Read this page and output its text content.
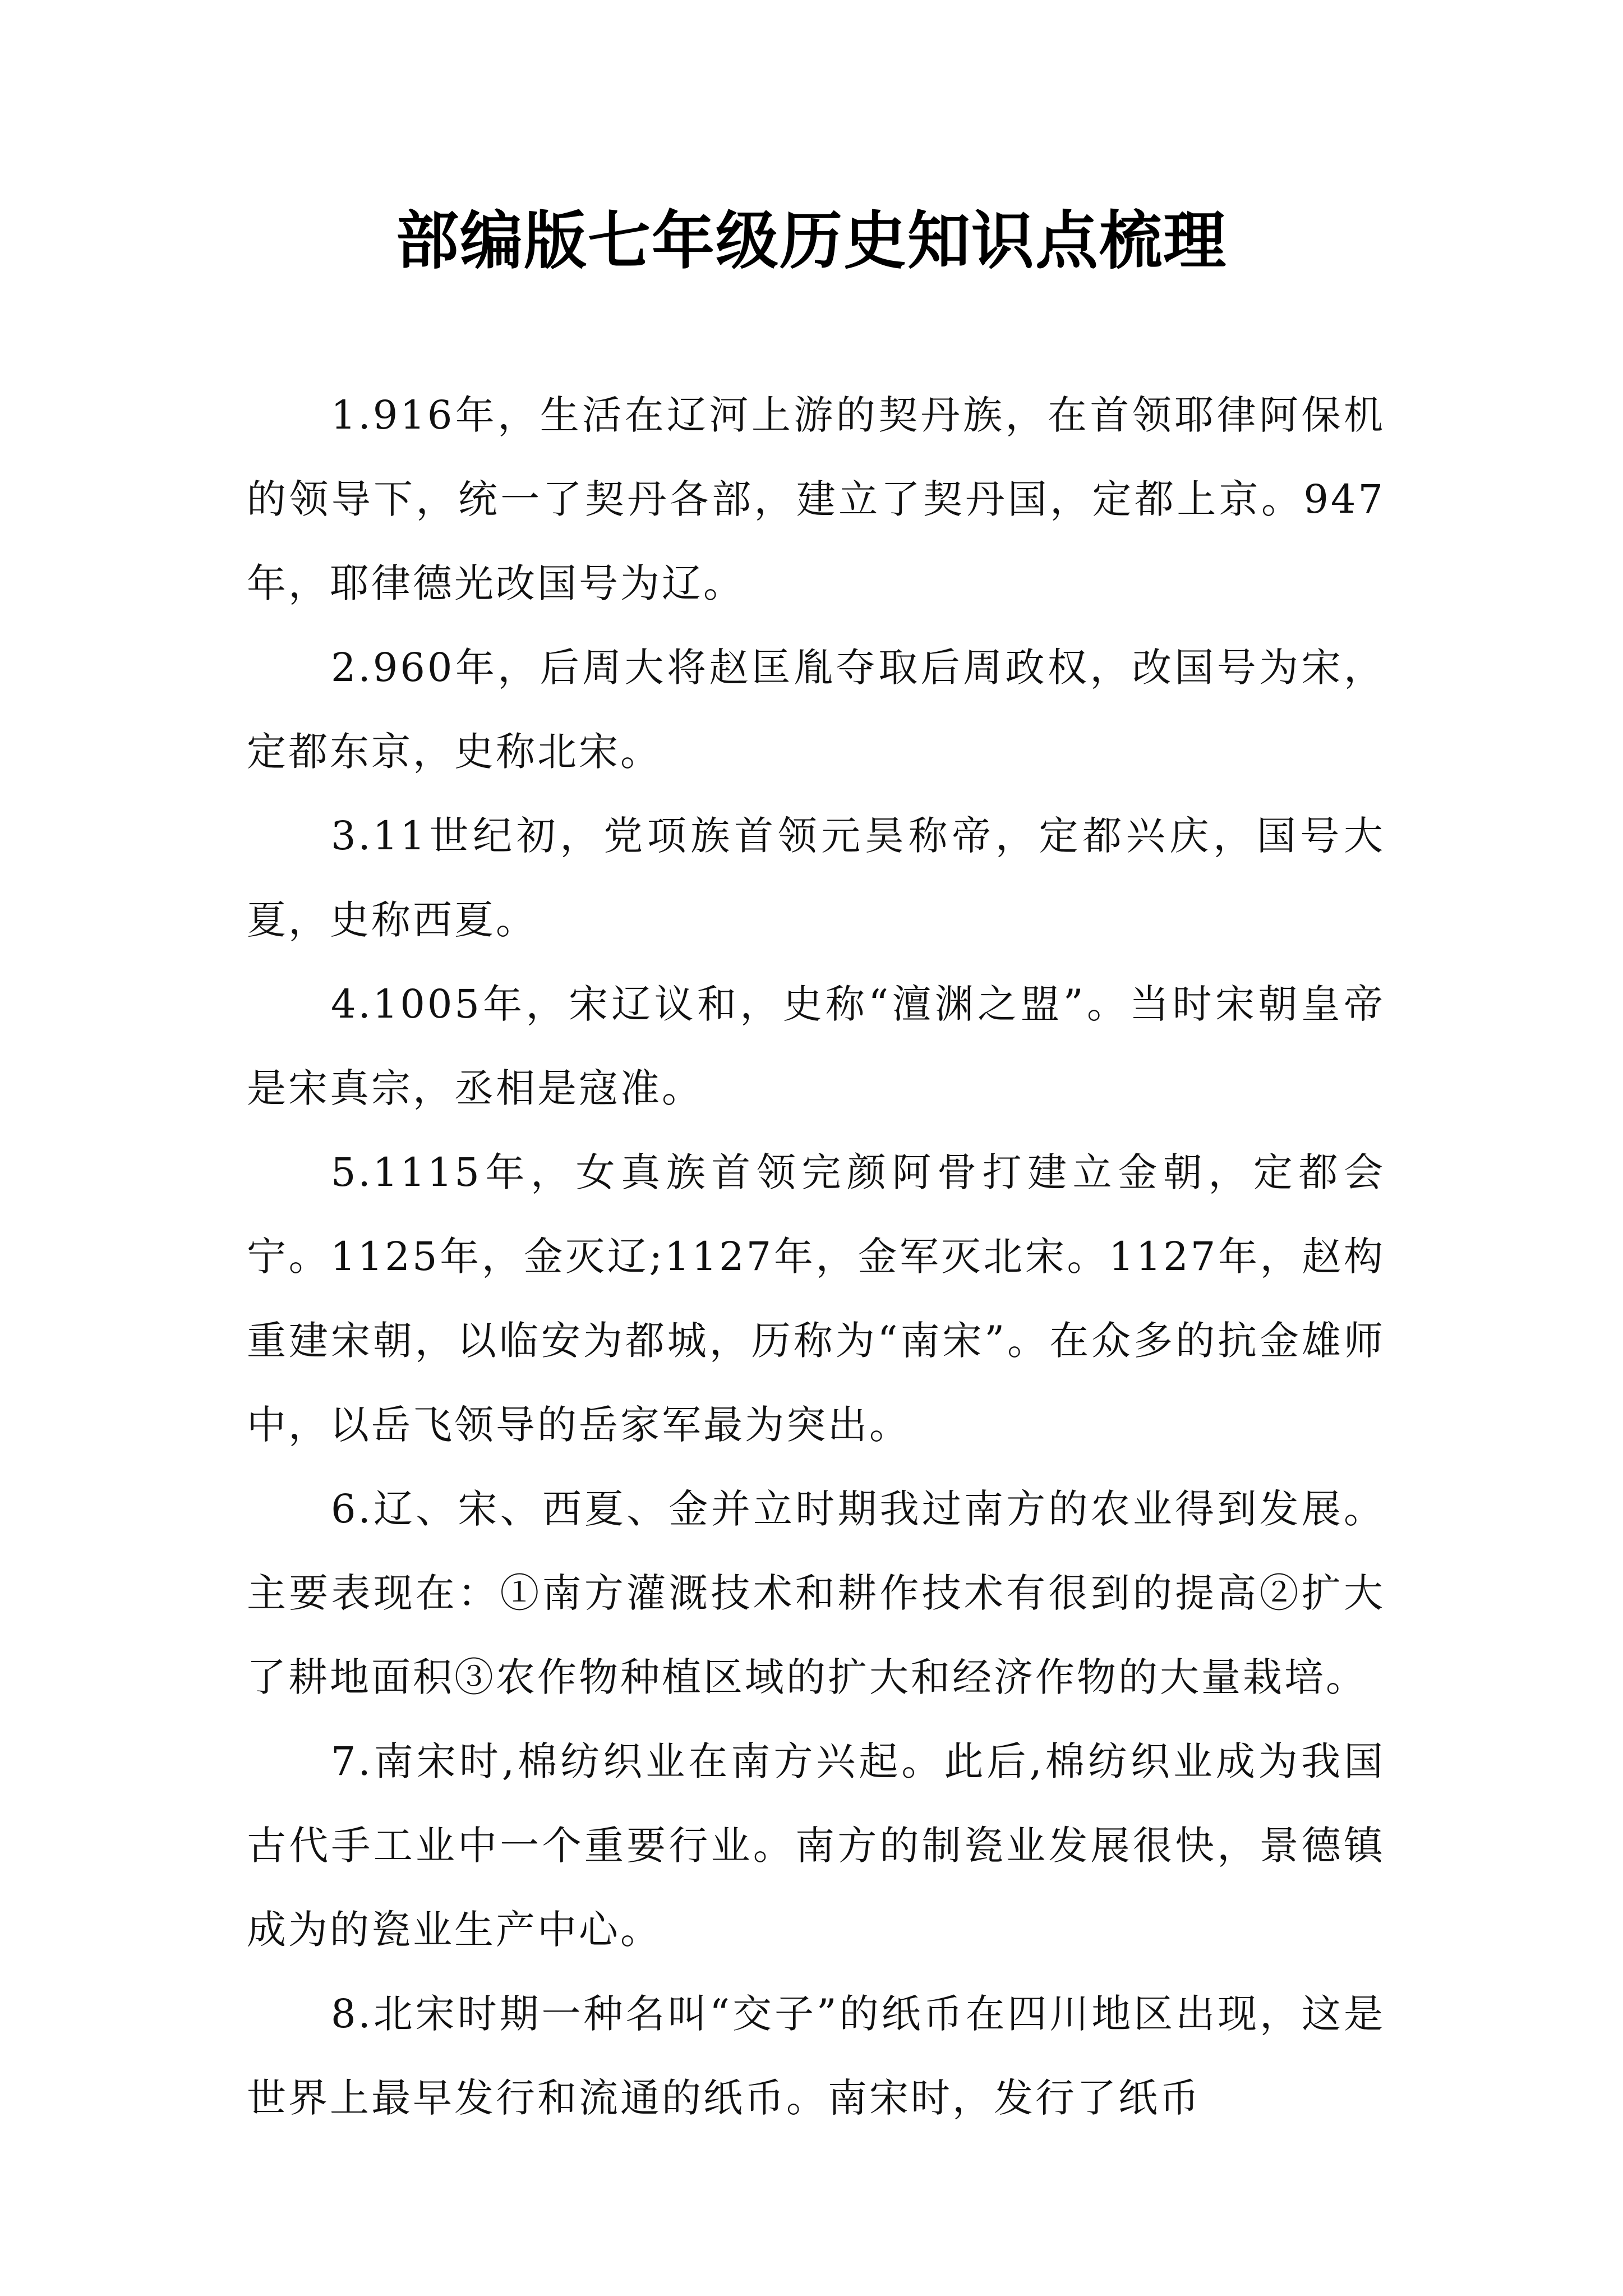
部编版七年级历史知识点梳理

1.916年，生活在辽河上游的契丹族，在首领耶律阿保机的领导下，统一了契丹各部，建立了契丹国，定都上京。947年，耶律德光改国号为辽。

2.960年，后周大将赵匡胤夺取后周政权，改国号为宋，定都东京，史称北宋。

3.11世纪初，党项族首领元昊称帝，定都兴庆，国号大夏，史称西夏。

4.1005年，宋辽议和，史称“澶渊之盟”。当时宋朝皇帝是宋真宗，丞相是寇准。

5.1115年，女真族首领完颜阿骨打建立金朝，定都会宁。1125年，金灭辽;1127年，金军灭北宋。1127年，赵构重建宋朝，以临安为都城，历称为“南宋”。在众多的抗金雄师中，以岳飞领导的岳家军最为突出。

6.辽、宋、西夏、金并立时期我过南方的农业得到发展。主要表现在：①南方灌溉技术和耕作技术有很到的提高②扩大了耕地面积③农作物种植区域的扩大和经济作物的大量栽培。

7.南宋时,棉纺织业在南方兴起。此后,棉纺织业成为我国古代手工业中一个重要行业。南方的制瓷业发展很快，景德镇成为的瓷业生产中心。

8.北宋时期一种名叫“交子”的纸币在四川地区出现，这是世界上最早发行和流通的纸币。南宋时，发行了纸币
